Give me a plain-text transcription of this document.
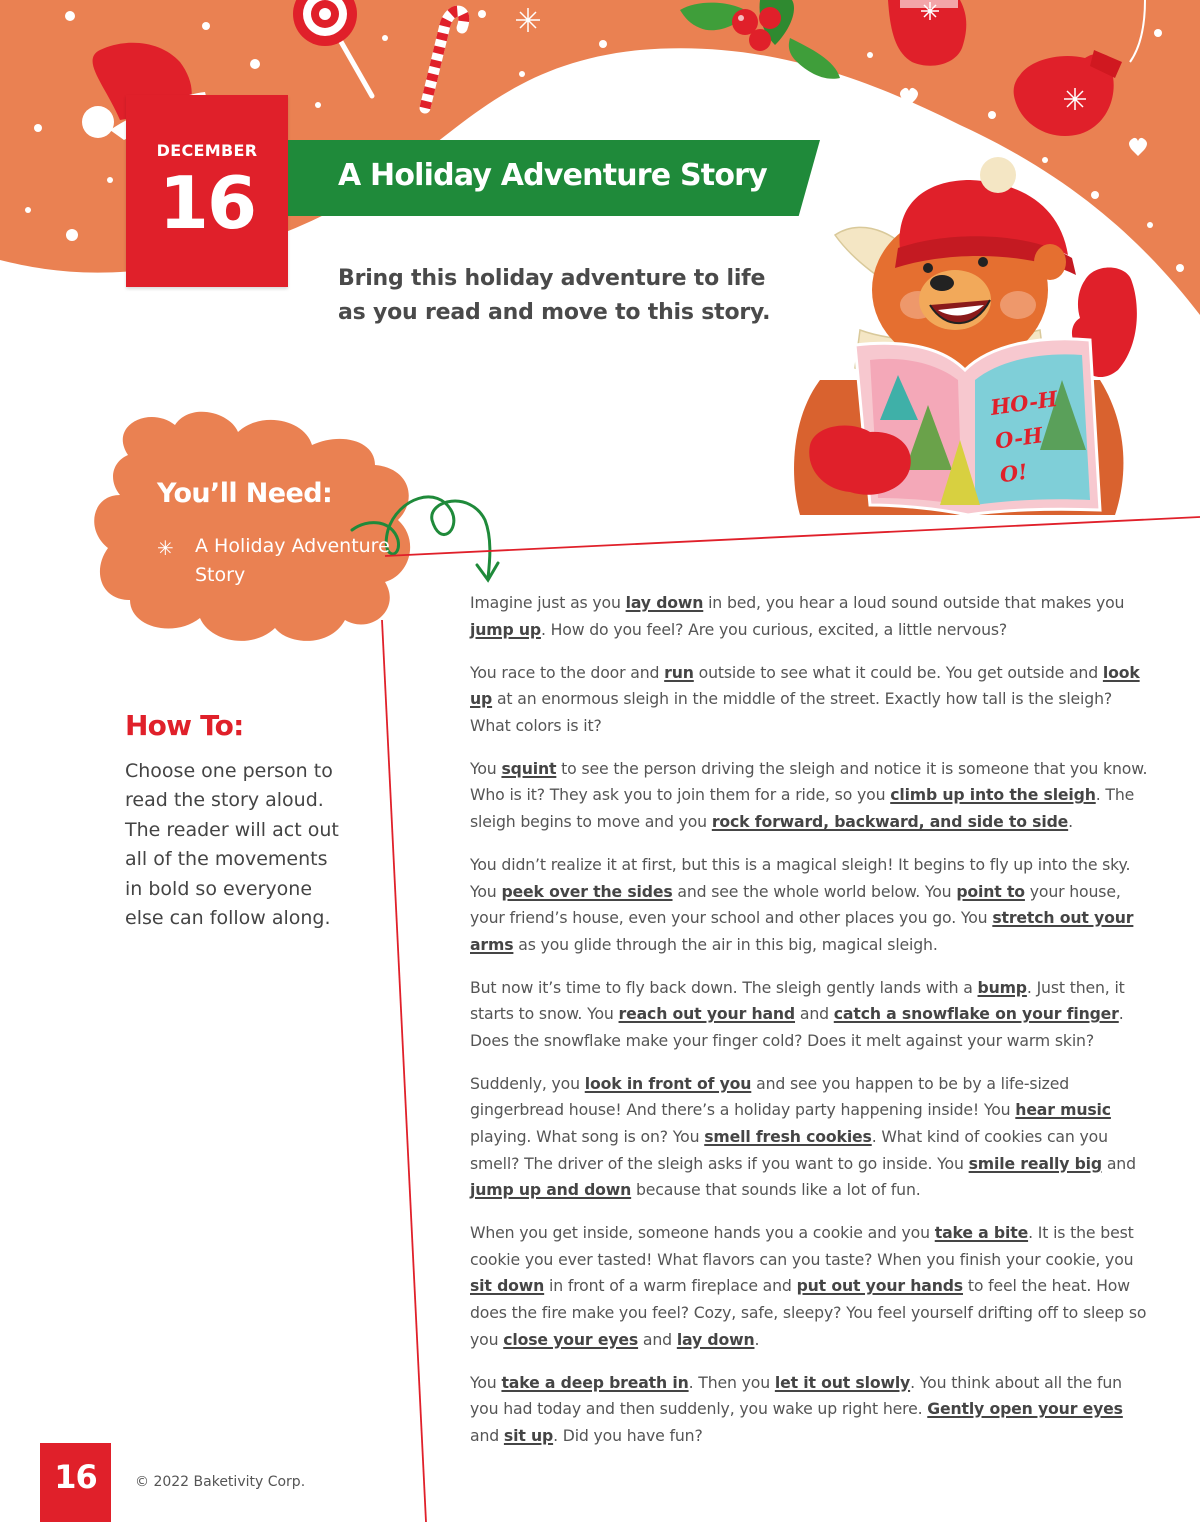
HO-HO-HO!
DECEMBER
16	A Holiday Adventure Story
Bring this holiday adventure to life as you read and move to this story.
You’ll Need:
✳ A Holiday Adventure Story
How To:
Choose one person to read the story aloud. The reader will act out all of the movements in bold so everyone else can follow along.

Imagine just as you lay down in bed, you hear a loud sound outside that makes you jump up. How do you feel? Are you curious, excited, a little nervous?

You race to the door and run outside to see what it could be. You get outside and look up at an enormous sleigh in the middle of the street. Exactly how tall is the sleigh? What colors is it?

You squint to see the person driving the sleigh and notice it is someone that you know. Who is it? They ask you to join them for a ride, so you climb up into the sleigh. The sleigh begins to move and you rock forward, backward, and side to side.

You didn’t realize it at first, but this is a magical sleigh! It begins to fly up into the sky. You peek over the sides and see the whole world below. You point to your house, your friend’s house, even your school and other places you go. You stretch out your arms as you glide through the air in this big, magical sleigh.

But now it’s time to fly back down. The sleigh gently lands with a bump. Just then, it starts to snow. You reach out your hand and catch a snowflake on your finger. Does the snowflake make your finger cold? Does it melt against your warm skin?

Suddenly, you look in front of you and see you happen to be by a life-sized gingerbread house! And there’s a holiday party happening inside! You hear music playing. What song is on? You smell fresh cookies. What kind of cookies can you smell? The driver of the sleigh asks if you want to go inside. You smile really big and jump up and down because that sounds like a lot of fun.

When you get inside, someone hands you a cookie and you take a bite. It is the best cookie you ever tasted! What flavors can you taste? When you finish your cookie, you sit down in front of a warm fireplace and put out your hands to feel the heat. How does the fire make you feel? Cozy, safe, sleepy? You feel yourself drifting off to sleep so you close your eyes and lay down.

You take a deep breath in. Then you let it out slowly. You think about all the fun you had today and then suddenly, you wake up right here. Gently open your eyes and sit up. Did you have fun?

16	© 2022 Baketivity Corp.
